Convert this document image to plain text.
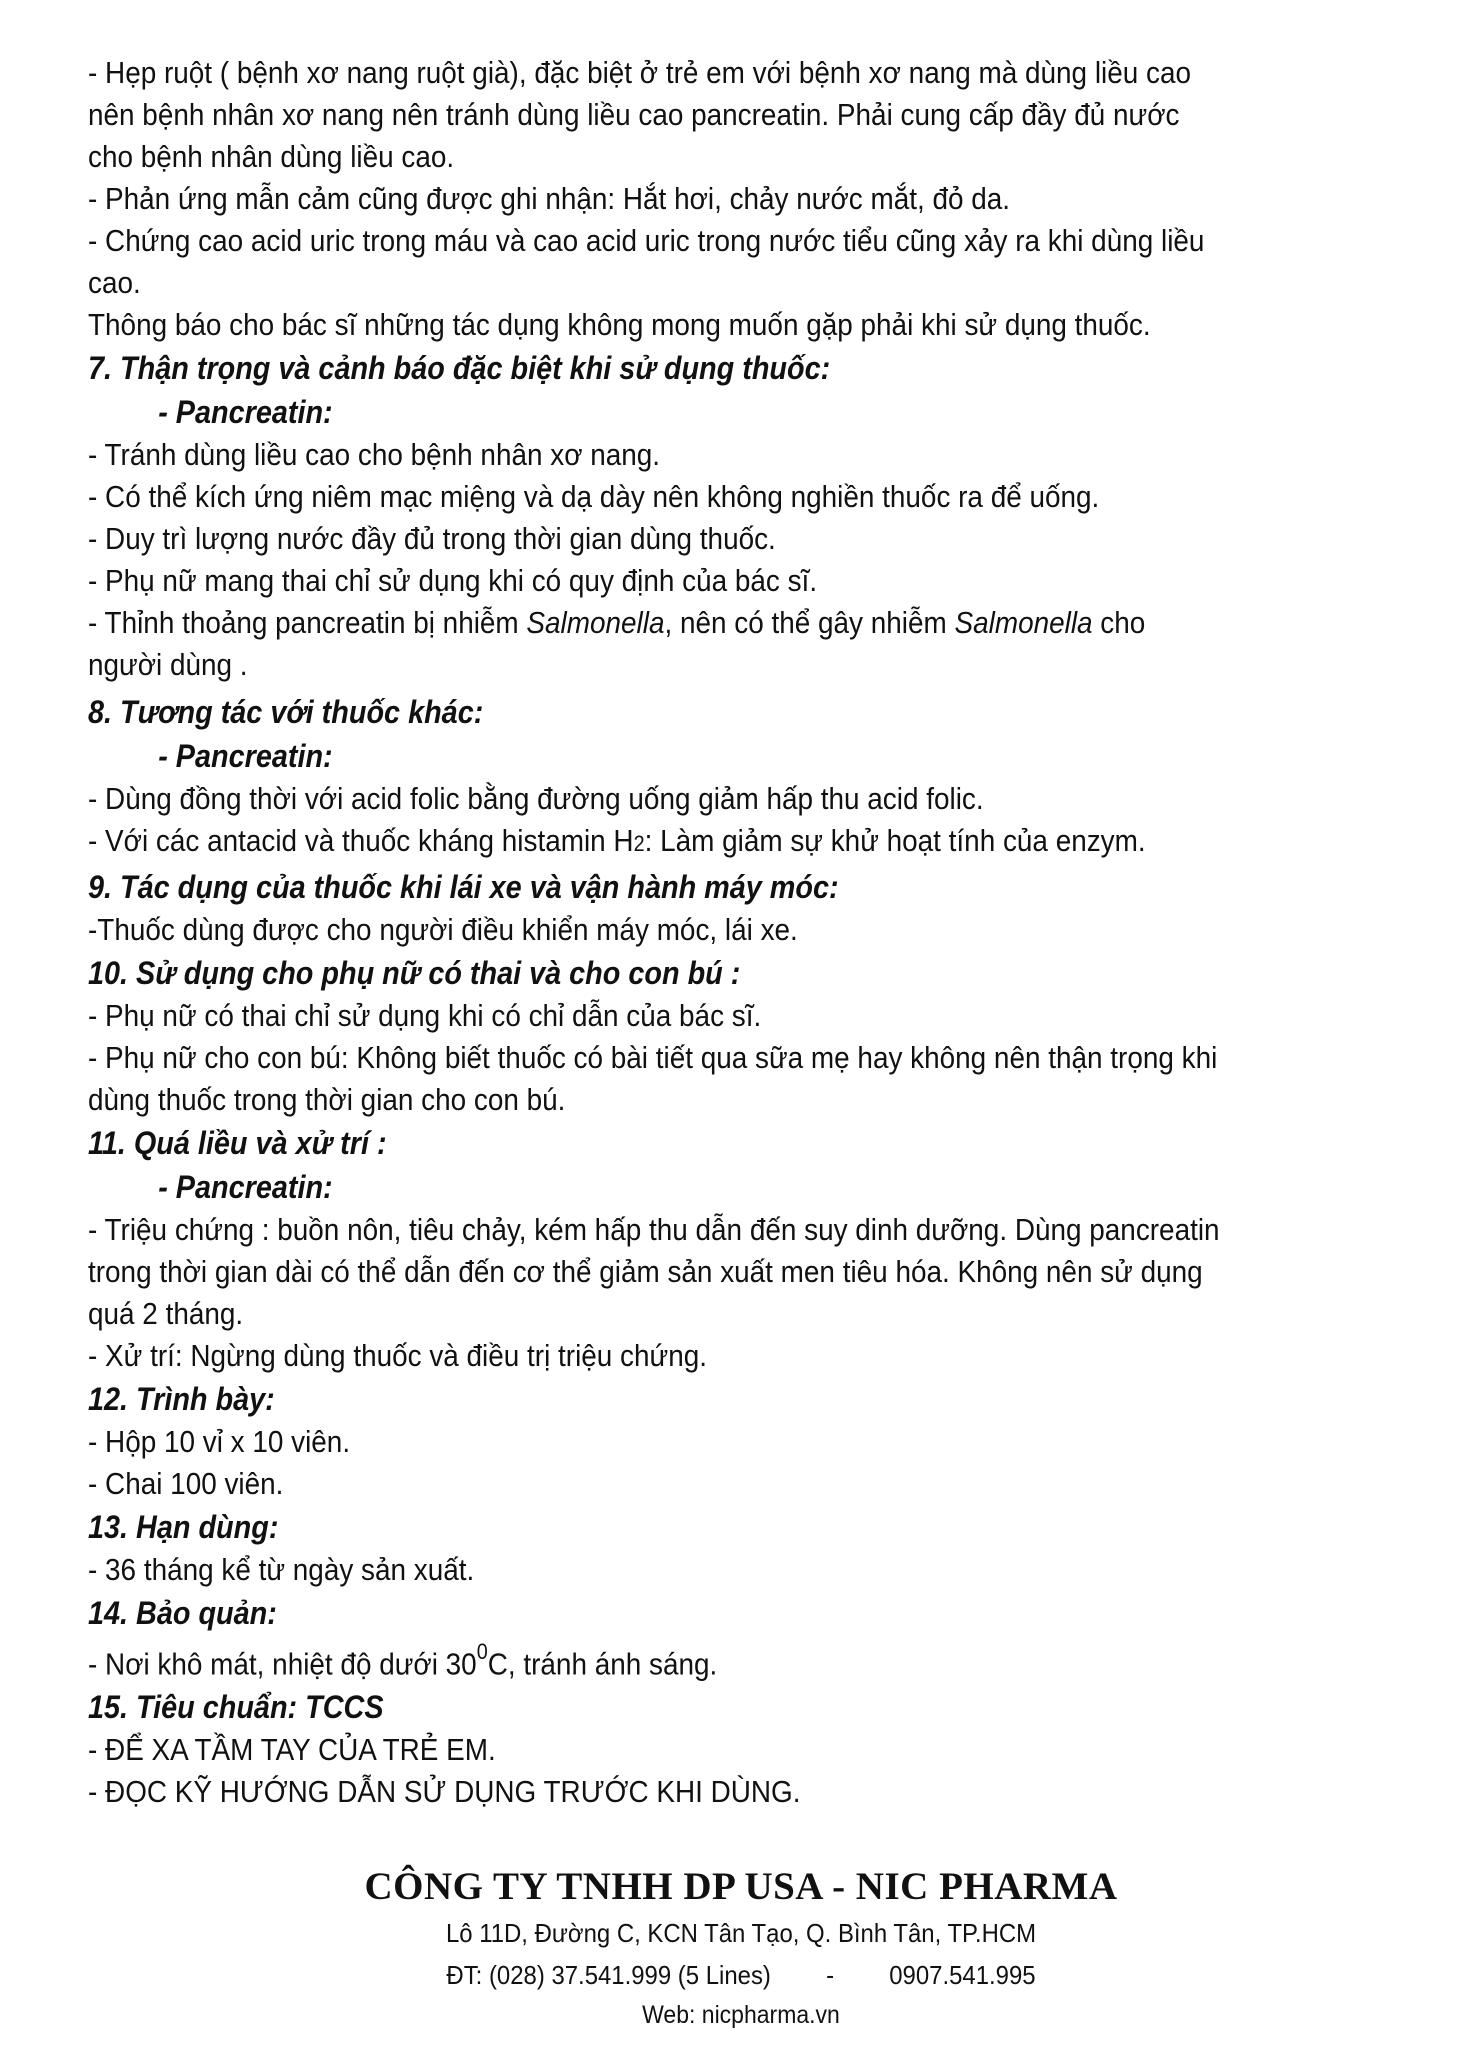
- Hẹp ruột ( bệnh xơ nang ruột già), đặc biệt ở trẻ em với bệnh xơ nang mà dùng liều cao
nên bệnh nhân xơ nang nên tránh dùng liều cao pancreatin. Phải cung cấp đầy đủ nước
cho bệnh nhân dùng liều cao.
- Phản ứng mẫn cảm cũng được ghi nhận: Hắt hơi, chảy nước mắt, đỏ da.
- Chứng cao acid uric trong máu và cao acid uric trong nước tiểu cũng xảy ra khi dùng liều
cao.
Thông báo cho bác sĩ những tác dụng không mong muốn gặp phải khi sử dụng thuốc.
7. Thận trọng và cảnh báo đặc biệt khi sử dụng thuốc:
- Pancreatin:
- Tránh dùng liều cao cho bệnh nhân xơ nang.
- Có thể kích ứng niêm mạc miệng và dạ dày nên không nghiền thuốc ra để uống.
- Duy trì lượng nước đầy đủ trong thời gian dùng thuốc.
- Phụ nữ mang thai chỉ sử dụng khi có quy định của bác sĩ.
- Thỉnh thoảng pancreatin bị nhiễm Salmonella, nên có thể gây nhiễm Salmonella cho
người dùng .
8. Tương tác với thuốc khác:
- Pancreatin:
- Dùng đồng thời với acid folic bằng đường uống giảm hấp thu acid folic.
- Với các antacid và thuốc kháng histamin H2: Làm giảm sự khử hoạt tính của enzym.
9. Tác dụng của thuốc khi lái xe và vận hành máy móc:
-Thuốc dùng được cho người điều khiển máy móc, lái xe.
10. Sử dụng cho phụ nữ có thai và cho con bú :
- Phụ nữ có thai chỉ sử dụng khi có chỉ dẫn của bác sĩ.
- Phụ nữ cho con bú: Không biết thuốc có bài tiết qua sữa mẹ hay không nên thận trọng khi
dùng thuốc trong thời gian cho con bú.
11. Quá liều và xử trí :
- Pancreatin:
- Triệu chứng : buồn nôn, tiêu chảy, kém hấp thu dẫn đến suy dinh dưỡng. Dùng pancreatin
trong thời gian dài có thể dẫn đến cơ thể giảm sản xuất men tiêu hóa. Không nên sử dụng
quá 2 tháng.
- Xử trí: Ngừng dùng thuốc và điều trị triệu chứng.
12. Trình bày:
- Hộp 10 vỉ x 10 viên.
- Chai 100 viên.
13. Hạn dùng:
- 36 tháng kể từ ngày sản xuất.
14. Bảo quản:
- Nơi khô mát, nhiệt độ dưới $30^0C$, tránh ánh sáng.
15. Tiêu chuẩn: TCCS
- ĐỂ XA TẦM TAY CỦA TRẺ EM.
- ĐỌC KỸ HƯỚNG DẪN SỬ DỤNG TRƯỚC KHI DÙNG.
CÔNG TY TNHH DP USA - NIC PHARMA
Lô 11D, Đường C, KCN Tân Tạo, Q. Bình Tân, TP.HCM
ĐT: (028) 37.541.999 (5 Lines) - 0907.541.995
Web: nicpharma.vn
